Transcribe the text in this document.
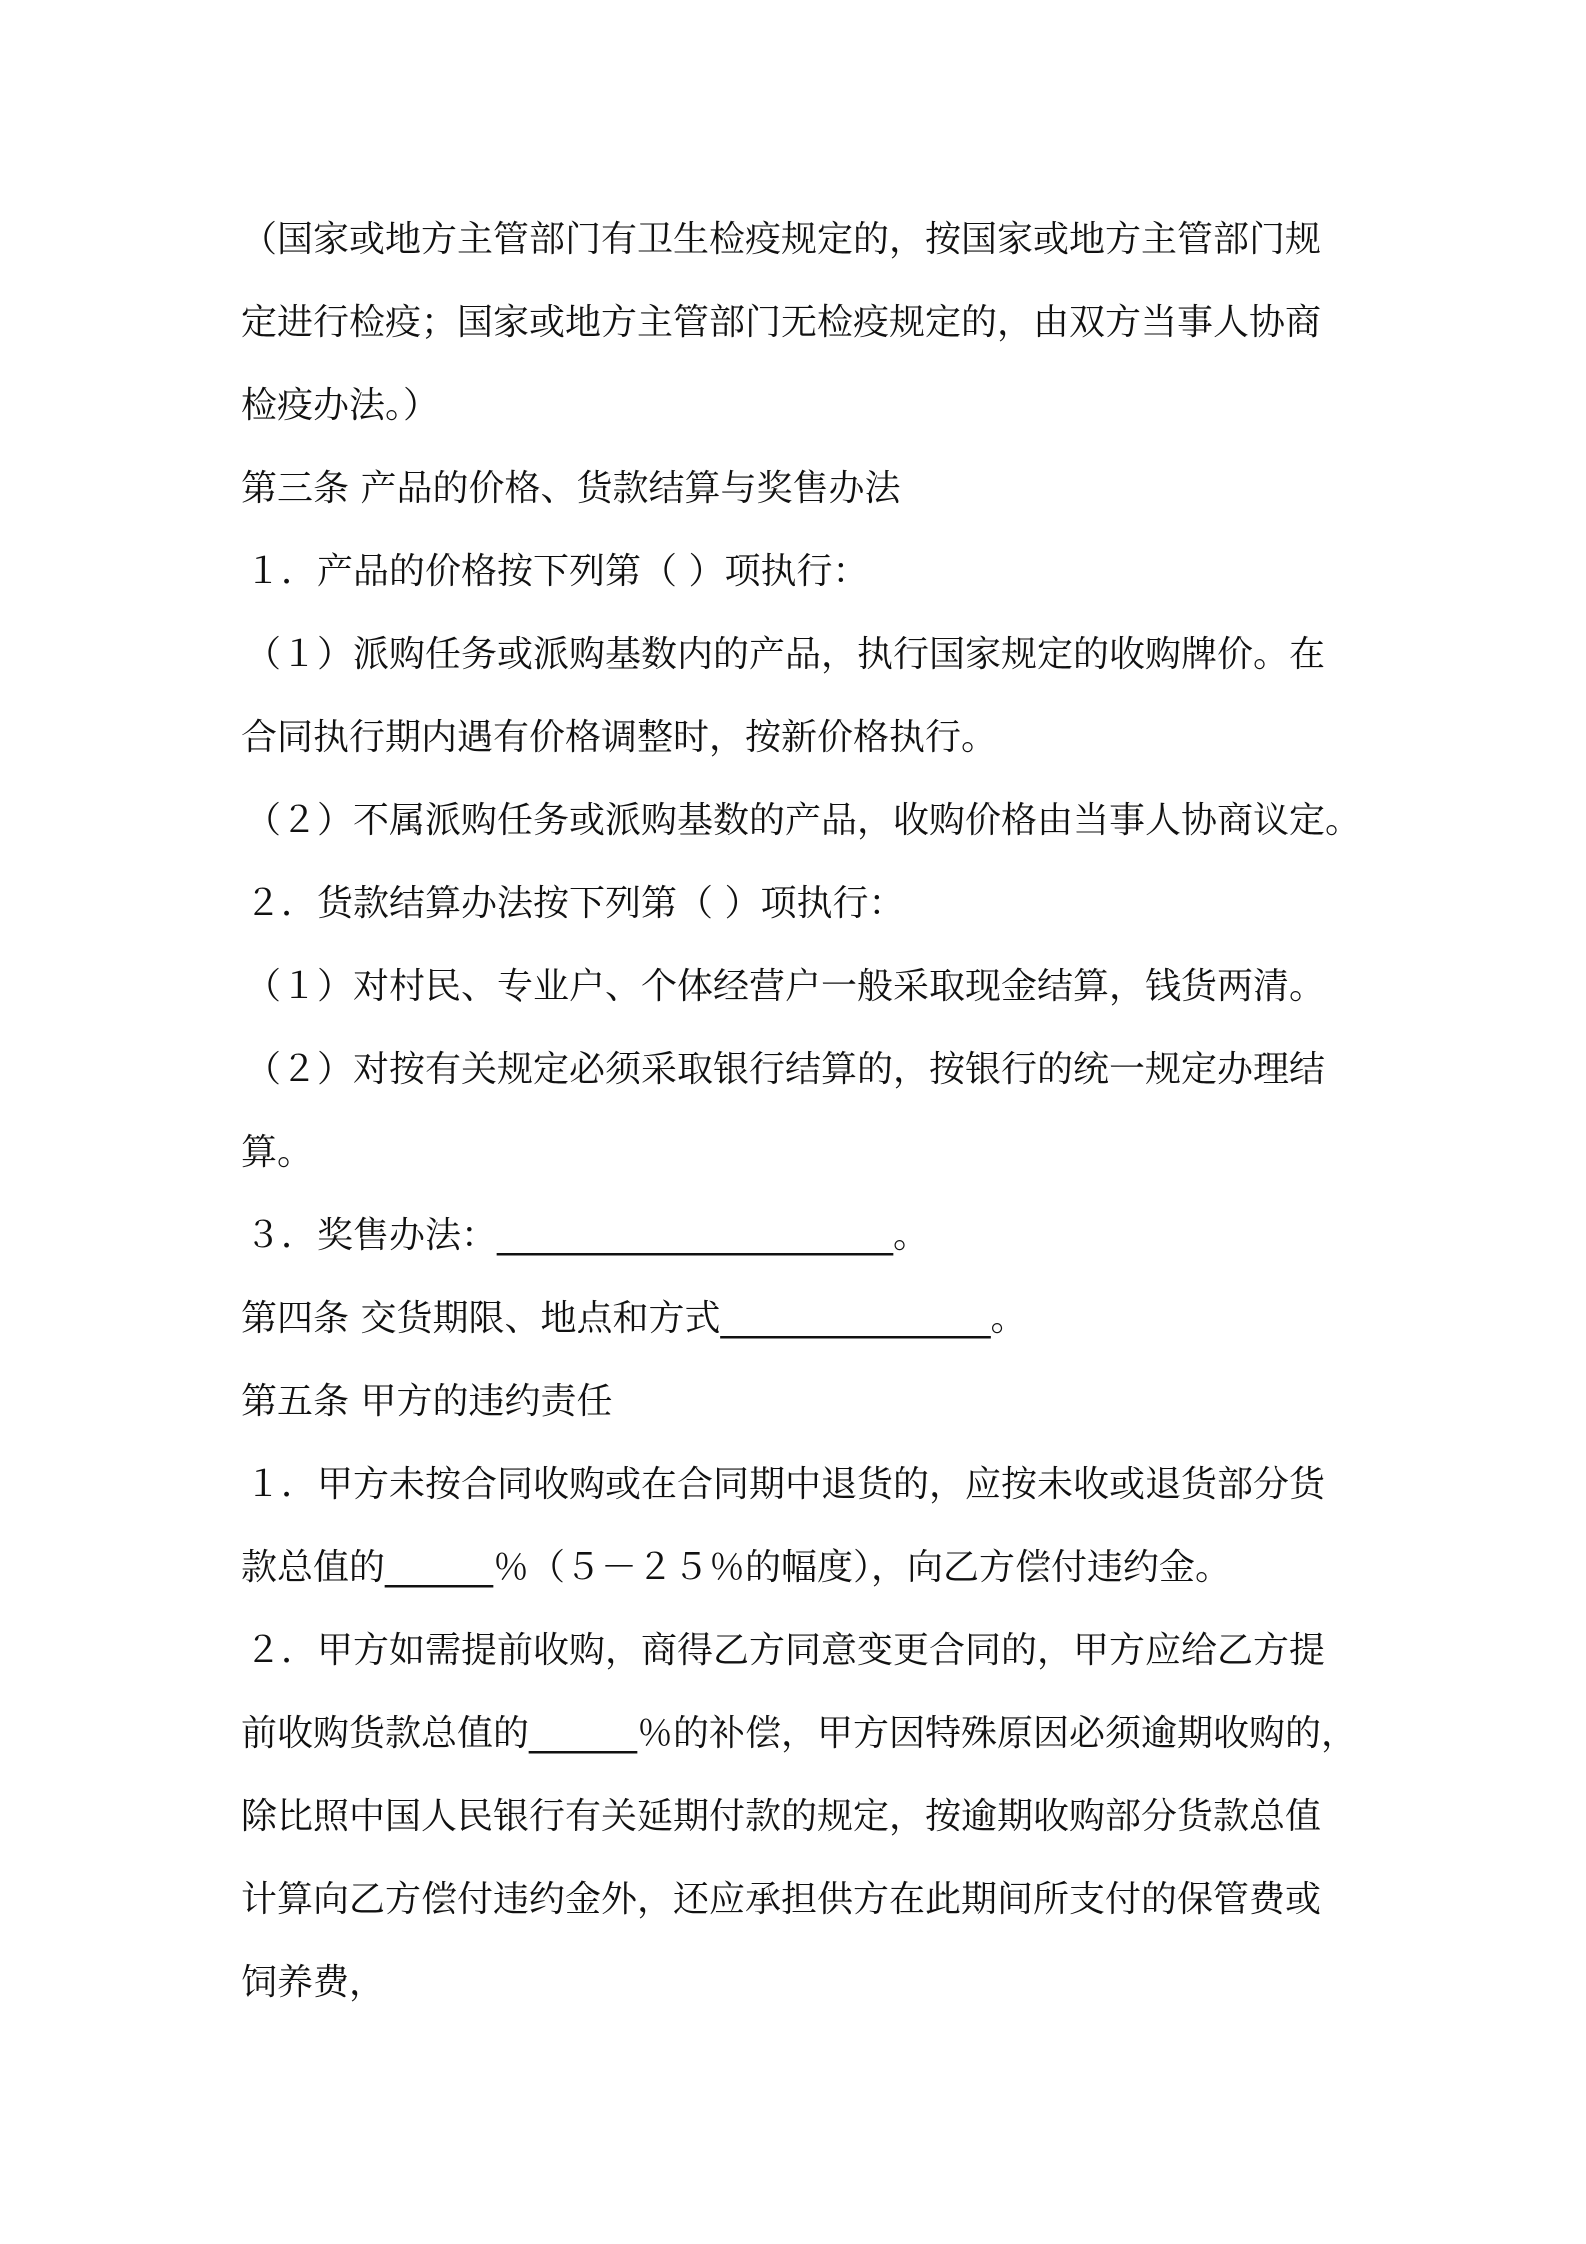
（国家或地方主管部门有卫生检疫规定的，按国家或地方主管部门规
定进行检疫；国家或地方主管部门无检疫规定的，由双方当事人协商
检疫办法。）
第三条 产品的价格、货款结算与奖售办法
１．产品的价格按下列第（ ）项执行：
（１）派购任务或派购基数内的产品，执行国家规定的收购牌价。在
合同执行期内遇有价格调整时，按新价格执行。
（２）不属派购任务或派购基数的产品，收购价格由当事人协商议定。
２．货款结算办法按下列第（ ）项执行：
（１）对村民、专业户、个体经营户一般采取现金结算，钱货两清。
（２）对按有关规定必须采取银行结算的，按银行的统一规定办理结
算。
３．奖售办法：______________________。
第四条 交货期限、地点和方式_______________。
第五条 甲方的违约责任
１．甲方未按合同收购或在合同期中退货的，应按未收或退货部分货
款总值的______％（５－２５％的幅度），向乙方偿付违约金。
２．甲方如需提前收购，商得乙方同意变更合同的，甲方应给乙方提
前收购货款总值的______％的补偿，甲方因特殊原因必须逾期收购的，
除比照中国人民银行有关延期付款的规定，按逾期收购部分货款总值
计算向乙方偿付违约金外，还应承担供方在此期间所支付的保管费或
饲养费，
